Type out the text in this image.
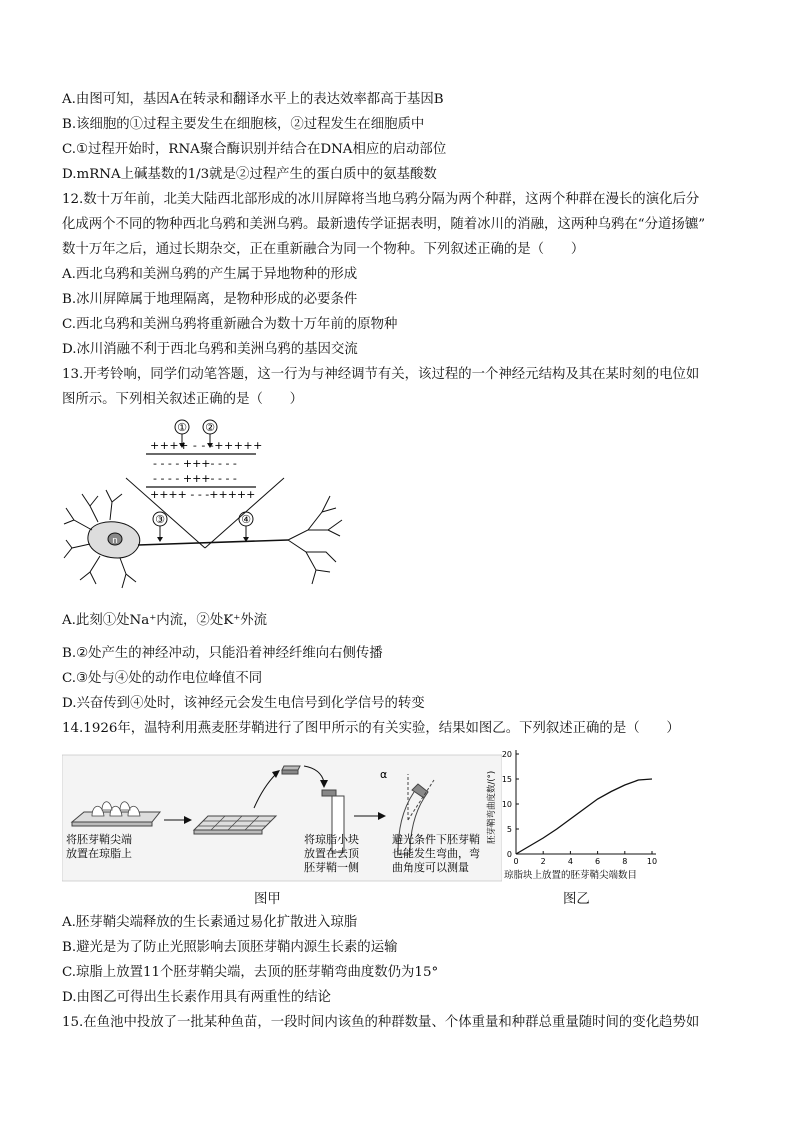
A.由图可知，基因A在转录和翻译水平上的表达效率都高于基因B
B.该细胞的①过程主要发生在细胞核，②过程发生在细胞质中
C.①过程开始时，RNA聚合酶识别并结合在DNA相应的启动部位
D.mRNA上碱基数的1/3就是②过程产生的蛋白质中的氨基酸数
12.数十万年前，北美大陆西北部形成的冰川屏障将当地乌鸦分隔为两个种群，这两个种群在漫长的演化后分
化成两个不同的物种西北乌鸦和美洲乌鸦。最新遗传学证据表明，随着冰川的消融，这两种乌鸦在“分道扬镳”
数十万年之后，通过长期杂交，正在重新融合为同一个物种。下列叙述正确的是（　　）
A.西北乌鸦和美洲乌鸦的产生属于异地物种的形成
B.冰川屏障属于地理隔离，是物种形成的必要条件
C.西北乌鸦和美洲乌鸦将重新融合为数十万年前的原物种
D.冰川消融不利于西北乌鸦和美洲乌鸦的基因交流
13.开考铃响，同学们动笔答题，这一行为与神经调节有关，该过程的一个神经元结构及其在某时刻的电位如
图所示。下列相关叙述正确的是（　　）
① ②
++++ - - -+++++
- - - - +++- - - -
- - - - +++- - - -
++++ - - -+++++
③	④
n
A.此刻①处Na⁺内流，②处K⁺外流
B.②处产生的神经冲动，只能沿着神经纤维向右侧传播
C.③处与④处的动作电位峰值不同
D.兴奋传到④处时，该神经元会发生电信号到化学信号的转变
14.1926年，温特利用燕麦胚芽鞘进行了图甲所示的有关实验，结果如图乙。下列叙述正确的是（　　）
将胚芽鞘尖端
放置在琼脂上
将琼脂小块
放置在去顶
胚芽鞘一侧
α
避光条件下胚芽鞘
也能发生弯曲，弯
曲角度可以测量
胚芽鞘弯曲度数/(°)
琼脂块上放置的胚芽鞘尖端数目
0	2	4	6	8 10
0
5
10
15
20
图甲	图乙
A.胚芽鞘尖端释放的生长素通过易化扩散进入琼脂
B.避光是为了防止光照影响去顶胚芽鞘内源生长素的运输
C.琼脂上放置11个胚芽鞘尖端，去顶的胚芽鞘弯曲度数仍为15°
D.由图乙可得出生长素作用具有两重性的结论
15.在鱼池中投放了一批某种鱼苗，一段时间内该鱼的种群数量、个体重量和种群总重量随时间的变化趋势如
